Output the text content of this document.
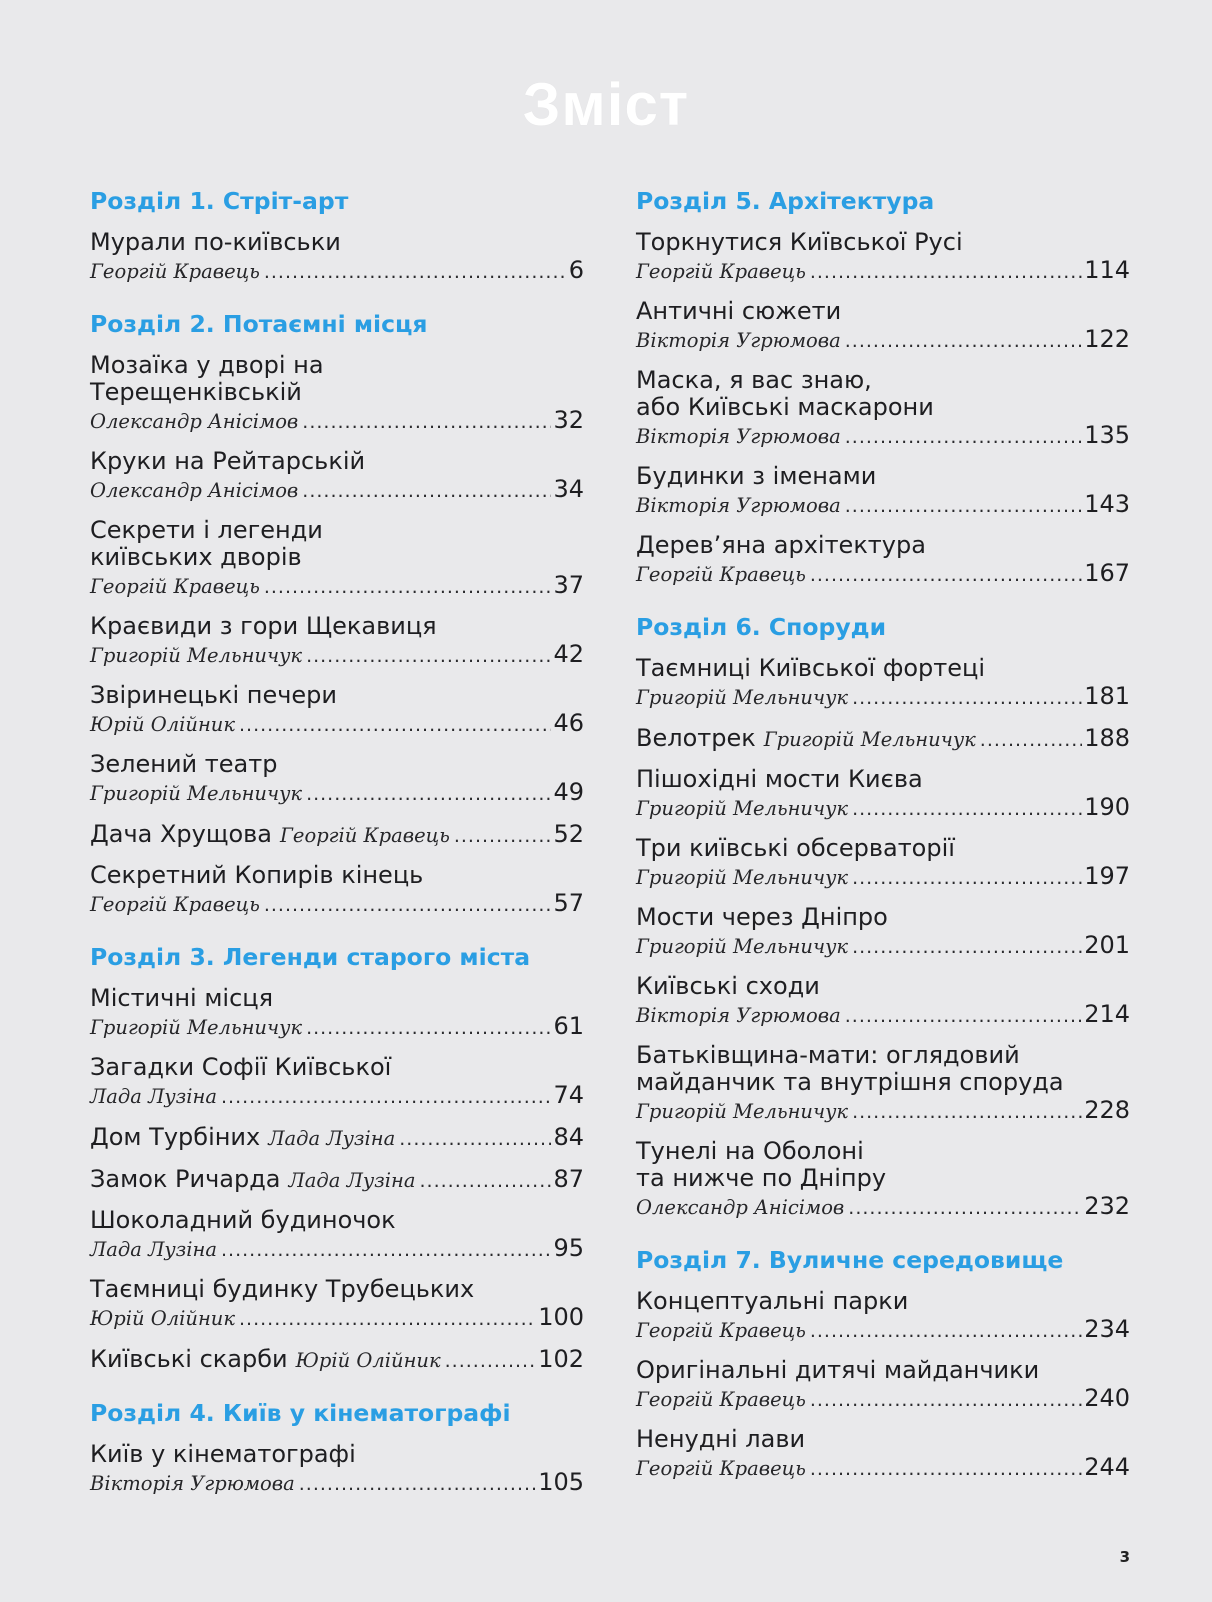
Зміст
Розділ 1. Стріт-арт
Мурали по-київськи
Георгій Кравець .....	6
Розділ 2. Потаємні місця
Мозаїка у дворі на
Терещенківській
Олександр Анісімов .....	32
Круки на Рейтарській
Олександр Анісімов .....	34
Секрети і легенди
київських дворів
Георгій Кравець .....	37
Краєвиди з гори Щекавиця
Григорій Мельничук .....	42
Звіринецькі печери
Юрій Олійник .....	46
Зелений театр
Григорій Мельничук .....	49
Дача Хрущова Георгій Кравець .....	52
Секретний Копирів кінець
Георгій Кравець .....	57
Розділ 3. Легенди старого міста
Містичні місця
Григорій Мельничук .....	61
Загадки Софії Київської
Лада Лузіна .....	74
Дом Турбіних Лада Лузіна .....	84
Замок Ричарда Лада Лузіна .....	87
Шоколадний будиночок
Лада Лузіна .....	95
Таємниці будинку Трубецьких
Юрій Олійник .....	100
Київські скарби Юрій Олійник .....	102
Розділ 4. Київ у кінематографі
Київ у кінематографі
Вікторія Угрюмова .....	105
Розділ 5. Архітектура
Торкнутися Київської Русі
Георгій Кравець .....	114
Античні сюжети
Вікторія Угрюмова .....	122
Маска, я вас знаю,
або Київські маскарони
Вікторія Угрюмова .....	135
Будинки з іменами
Вікторія Угрюмова .....	143
Дерев’яна архітектура
Георгій Кравець .....	167
Розділ 6. Споруди
Таємниці Київської фортеці
Григорій Мельничук .....	181
Велотрек Григорій Мельничук .....	188
Пішохідні мости Києва
Григорій Мельничук .....	190
Три київські обсерваторії
Григорій Мельничук .....	197
Мости через Дніпро
Григорій Мельничук .....	201
Київські сходи
Вікторія Угрюмова .....	214
Батьківщина-мати: оглядовий
майданчик та внутрішня споруда
Григорій Мельничук .....	228
Тунелі на Оболоні
та нижче по Дніпру
Олександр Анісімов .....	232
Розділ 7. Вуличне середовище
Концептуальні парки
Георгій Кравець .....	234
Оригінальні дитячі майданчики
Георгій Кравець .....	240
Ненудні лави
Георгій Кравець .....	244
3
